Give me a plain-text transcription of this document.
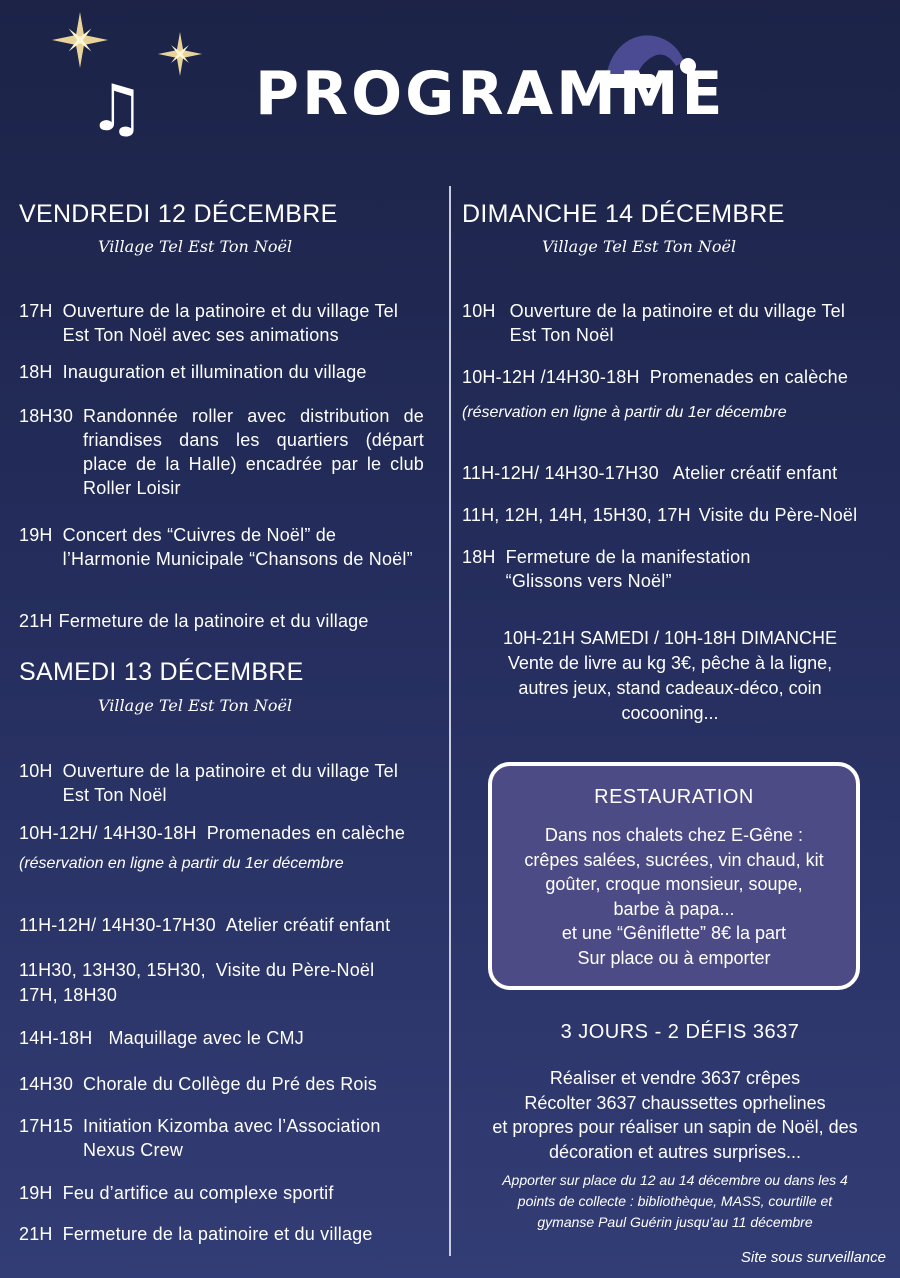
♫ PROGRAMME
VENDREDI 12 DÉCEMBRE
Village Tel Est Ton Noël
17H Ouverture de la patinoire et du village Tel Est Ton Noël avec ses animations
18H Inauguration et illumination du village
18H30 Randonnée roller avec distribution de friandises dans les quartiers (départ place de la Halle) encadrée par le club Roller Loisir
19H Concert des “Cuivres de Noël” de l’Harmonie Municipale “Chansons de Noël”
21H Fermeture de la patinoire et du village
SAMEDI 13 DÉCEMBRE
Village Tel Est Ton Noël
10H Ouverture de la patinoire et du village Tel Est Ton Noël
10H-12H/ 14H30-18H Promenades en calèche
(réservation en ligne à partir du 1er décembre
11H-12H/ 14H30-17H30 Atelier créatif enfant
11H30, 13H30, 15H30, Visite du Père-Noël
17H, 18H30
14H-18H Maquillage avec le CMJ
14H30 Chorale du Collège du Pré des Rois
17H15 Initiation Kizomba avec l’Association Nexus Crew
19H Feu d’artifice au complexe sportif
21H Fermeture de la patinoire et du village
DIMANCHE 14 DÉCEMBRE
Village Tel Est Ton Noël
10H Ouverture de la patinoire et du village Tel Est Ton Noël
10H-12H /14H30-18H Promenades en calèche
(réservation en ligne à partir du 1er décembre
11H-12H/ 14H30-17H30 Atelier créatif enfant
11H, 12H, 14H, 15H30, 17H Visite du Père-Noël
18H Fermeture de la manifestation “Glissons vers Noël”
10H-21H SAMEDI / 10H-18H DIMANCHE
Vente de livre au kg 3€, pêche à la ligne,
autres jeux, stand cadeaux-déco, coin
cocooning...
RESTAURATION
Dans nos chalets chez E-Gêne :
crêpes salées, sucrées, vin chaud, kit
goûter, croque monsieur, soupe,
barbe à papa...
et une “Gêniflette” 8€ la part
Sur place ou à emporter
3 JOURS - 2 DÉFIS 3637
Réaliser et vendre 3637 crêpes
Récolter 3637 chaussettes oprhelines
et propres pour réaliser un sapin de Noël, des
décoration et autres surprises...
Apporter sur place du 12 au 14 décembre ou dans les 4
points de collecte : bibliothèque, MASS, courtille et
gymanse Paul Guérin jusqu’au 11 décembre
Site sous surveillance
